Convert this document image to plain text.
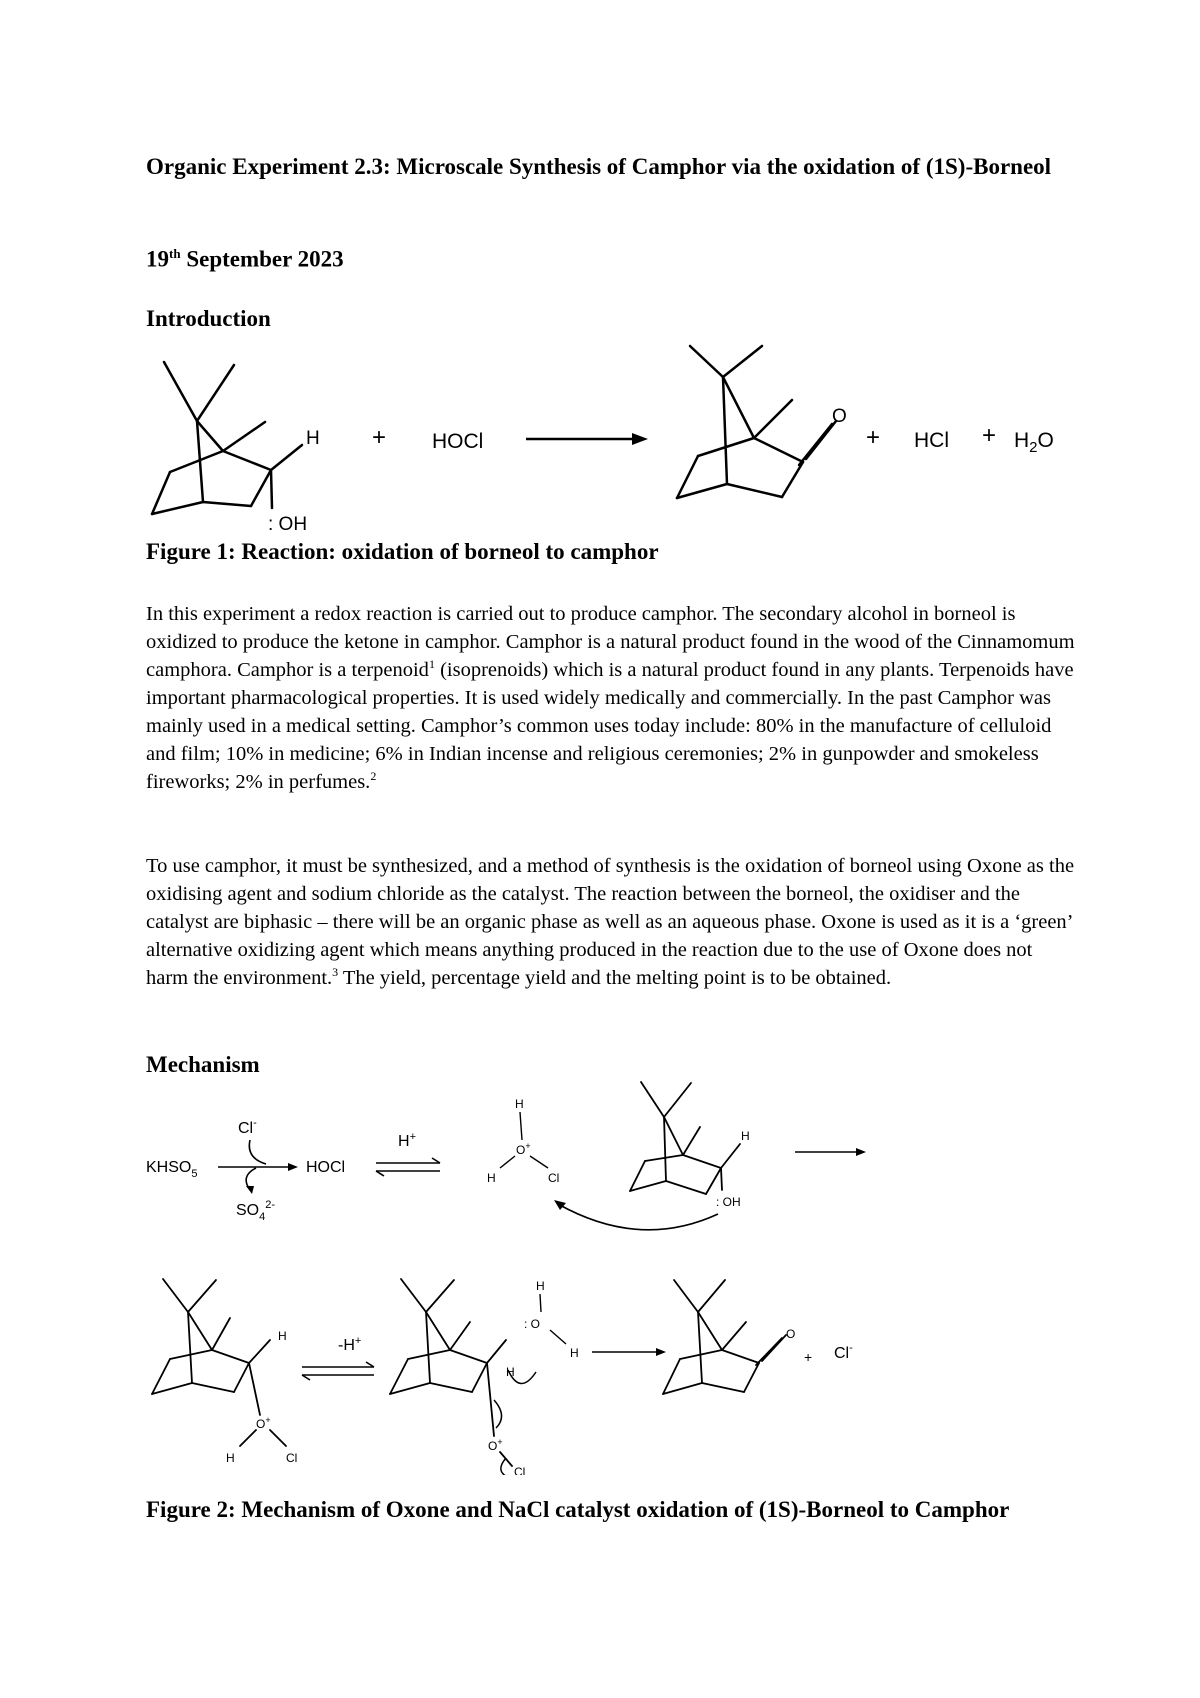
Organic Experiment 2.3: Microscale Synthesis of Camphor via the oxidation of (1S)-Borneol

19th September 2023

Introduction

H
: OH
+ HOCl
O
+ HCl + $H_2O$

Figure 1: Reaction: oxidation of borneol to camphor

In this experiment a redox reaction is carried out to produce camphor. The secondary alcohol in borneol is oxidized to produce the ketone in camphor. Camphor is a natural product found in the wood of the Cinnamomum camphora. Camphor is a terpenoid$^1$ (isoprenoids) which is a natural product found in any plants. Terpenoids have important pharmacological properties. It is used widely medically and commercially. In the past Camphor was mainly used in a medical setting. Camphor’s common uses today include: 80% in the manufacture of celluloid and film; 10% in medicine; 6% in Indian incense and religious ceremonies; 2% in gunpowder and smokeless fireworks; 2% in perfumes.$^2$

To use camphor, it must be synthesized, and a method of synthesis is the oxidation of borneol using Oxone as the oxidising agent and sodium chloride as the catalyst. The reaction between the borneol, the oxidiser and the catalyst are biphasic – there will be an organic phase as well as an aqueous phase. Oxone is used as it is a ‘green’ alternative oxidizing agent which means anything produced in the reaction due to the use of Oxone does not harm the environment.$^3$ The yield, percentage yield and the melting point is to be obtained.

Mechanism

Cl-
$KHSO_5$	HOCl
$SO_4^{2-}$
H+
H
O+
H	Cl
H
: OH
H
O+
H	Cl
-H+
H
O+
Cl
H
: O
H
O
+ Cl-

Figure 2: Mechanism of Oxone and NaCl catalyst oxidation of (1S)-Borneol to Camphor
